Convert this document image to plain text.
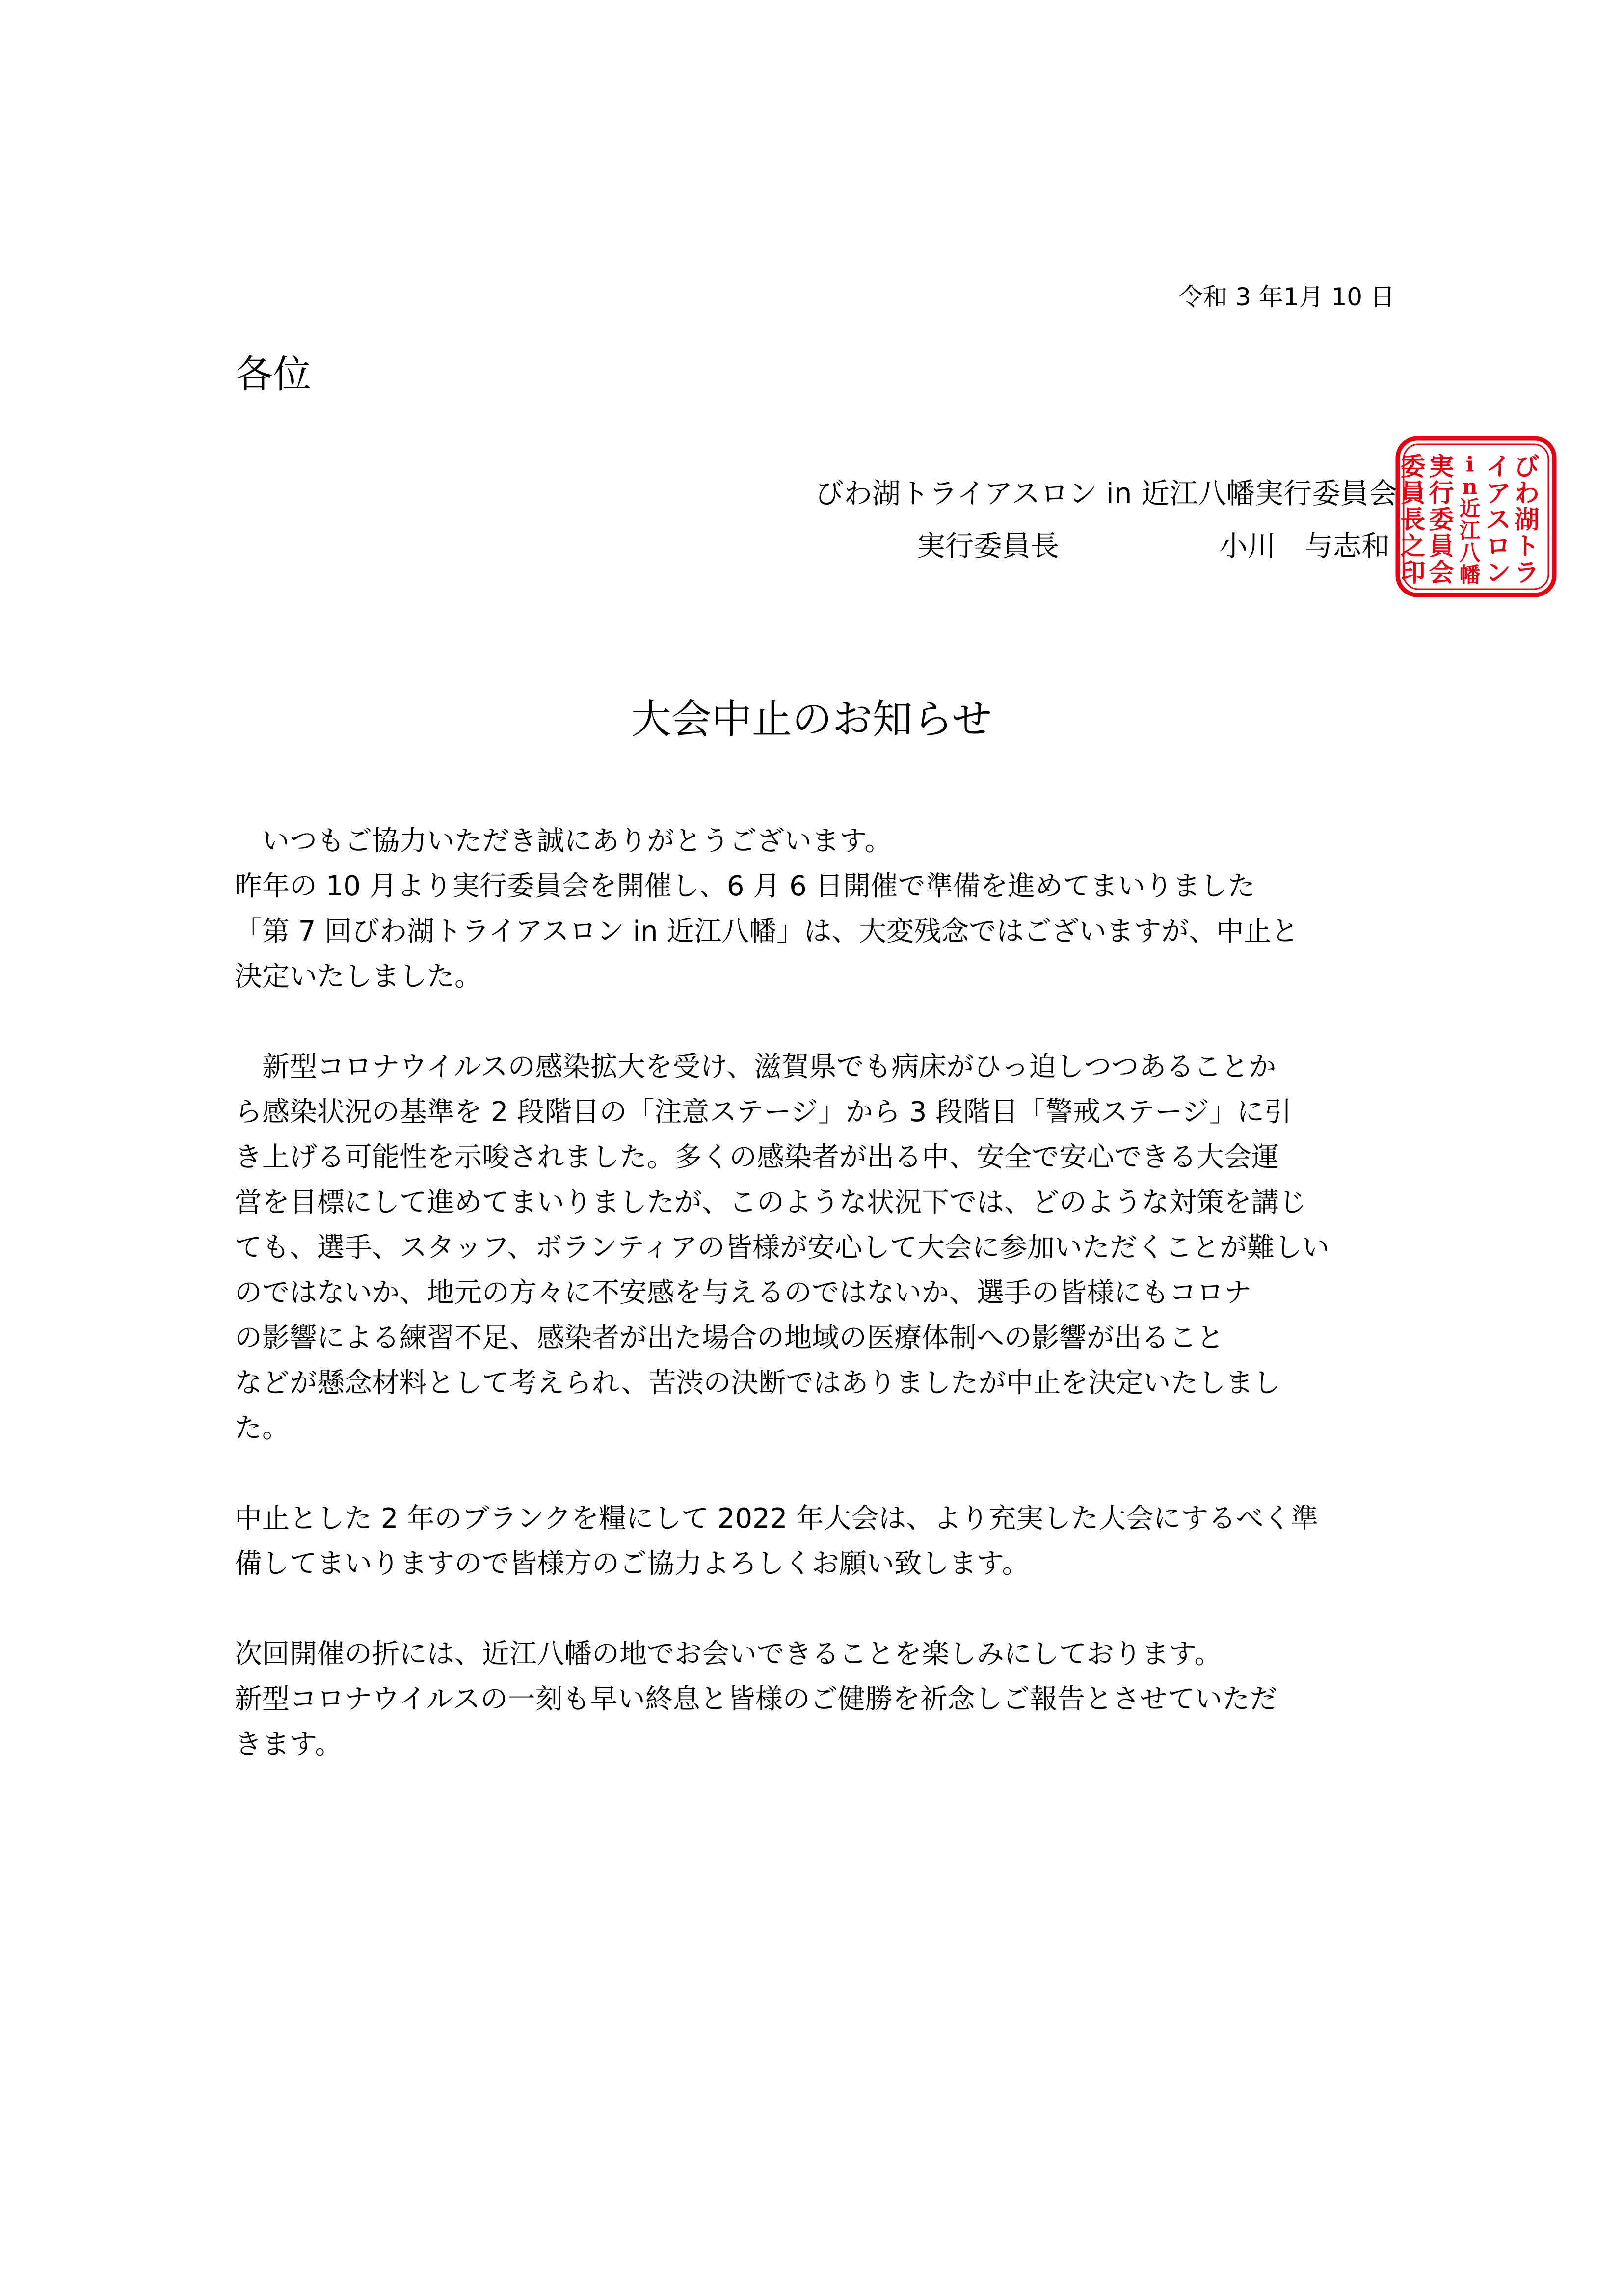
令和 3 年1月 10 日
各位
びわ湖トライアスロン in 近江八幡実行委員会
実行委員長	小川　与志和
び
わ
湖
ト
ラ
イ
ア
ス
ロ
ン
i
n
近
江
八
幡
実
行
委
員
会
委
員
長
之
印
大会中止のお知らせ
　いつもご協力いただき誠にありがとうございます。
昨年の 10 月より実行委員会を開催し、6 月 6 日開催で準備を進めてまいりました
「第 7 回びわ湖トライアスロン in 近江八幡」は、大変残念ではございますが、中止と
決定いたしました。
　新型コロナウイルスの感染拡大を受け、滋賀県でも病床がひっ迫しつつあることか
ら感染状況の基準を 2 段階目の「注意ステージ」から 3 段階目「警戒ステージ」に引
き上げる可能性を示唆されました。多くの感染者が出る中、安全で安心できる大会運
営を目標にして進めてまいりましたが、このような状況下では、どのような対策を講じ
ても、選手、スタッフ、ボランティアの皆様が安心して大会に参加いただくことが難しい
のではないか、地元の方々に不安感を与えるのではないか、選手の皆様にもコロナ
の影響による練習不足、感染者が出た場合の地域の医療体制への影響が出ること
などが懸念材料として考えられ、苦渋の決断ではありましたが中止を決定いたしまし
た。
中止とした 2 年のブランクを糧にして 2022 年大会は、より充実した大会にするべく準
備してまいりますので皆様方のご協力よろしくお願い致します。
次回開催の折には、近江八幡の地でお会いできることを楽しみにしております。
新型コロナウイルスの一刻も早い終息と皆様のご健勝を祈念しご報告とさせていただ
きます。
